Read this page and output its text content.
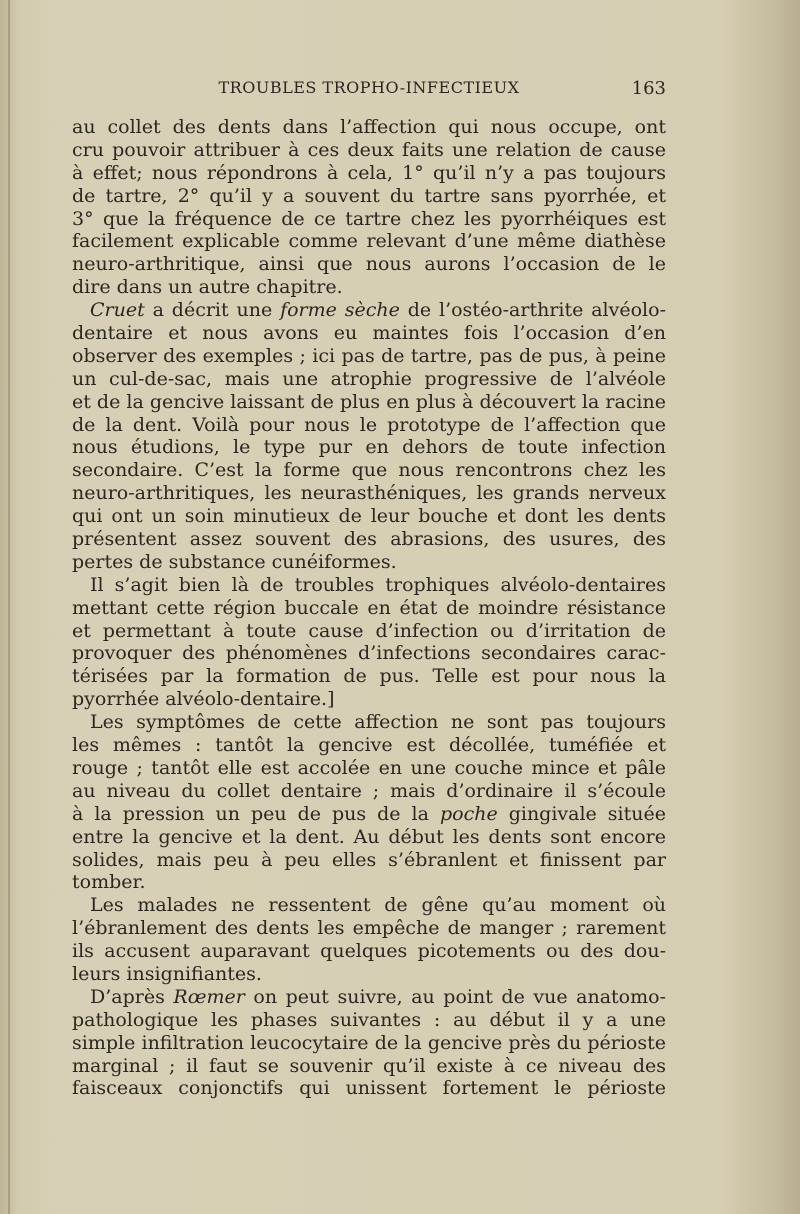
TROUBLES TROPHO-INFECTIEUX	163
au collet des dents dans l’affection qui nous occupe, ont
cru pouvoir attribuer à ces deux faits une relation de cause
à effet; nous répondrons à cela, 1° qu’il n’y a pas toujours
de tartre, 2° qu’il y a souvent du tartre sans pyorrhée, et
3° que la fréquence de ce tartre chez les pyorrhéiques est
facilement explicable comme relevant d’une même diathèse
neuro-arthritique, ainsi que nous aurons l’occasion de le
dire dans un autre chapitre.
Cruet a décrit une forme sèche de l’ostéo-arthrite alvéolo-
dentaire et nous avons eu maintes fois l’occasion d’en
observer des exemples ; ici pas de tartre, pas de pus, à peine
un cul-de-sac, mais une atrophie progressive de l’alvéole
et de la gencive laissant de plus en plus à découvert la racine
de la dent. Voilà pour nous le prototype de l’affection que
nous étudions, le type pur en dehors de toute infection
secondaire. C’est la forme que nous rencontrons chez les
neuro-arthritiques, les neurasthéniques, les grands nerveux
qui ont un soin minutieux de leur bouche et dont les dents
présentent assez souvent des abrasions, des usures, des
pertes de substance cunéiformes.
Il s’agit bien là de troubles trophiques alvéolo-dentaires
mettant cette région buccale en état de moindre résistance
et permettant à toute cause d’infection ou d’irritation de
provoquer des phénomènes d’infections secondaires carac-
térisées par la formation de pus. Telle est pour nous la
pyorrhée alvéolo-dentaire.]
Les symptômes de cette affection ne sont pas toujours
les mêmes : tantôt la gencive est décollée, tuméfiée et
rouge ; tantôt elle est accolée en une couche mince et pâle
au niveau du collet dentaire ; mais d’ordinaire il s’écoule
à la pression un peu de pus de la poche gingivale située
entre la gencive et la dent. Au début les dents sont encore
solides, mais peu à peu elles s’ébranlent et finissent par
tomber.
Les malades ne ressentent de gêne qu’au moment où
l’ébranlement des dents les empêche de manger ; rarement
ils accusent auparavant quelques picotements ou des dou-
leurs insignifiantes.
D’après Rœmer on peut suivre, au point de vue anatomo-
pathologique les phases suivantes : au début il y a une
simple infiltration leucocytaire de la gencive près du périoste
marginal ; il faut se souvenir qu’il existe à ce niveau des
faisceaux conjonctifs qui unissent fortement le périoste
